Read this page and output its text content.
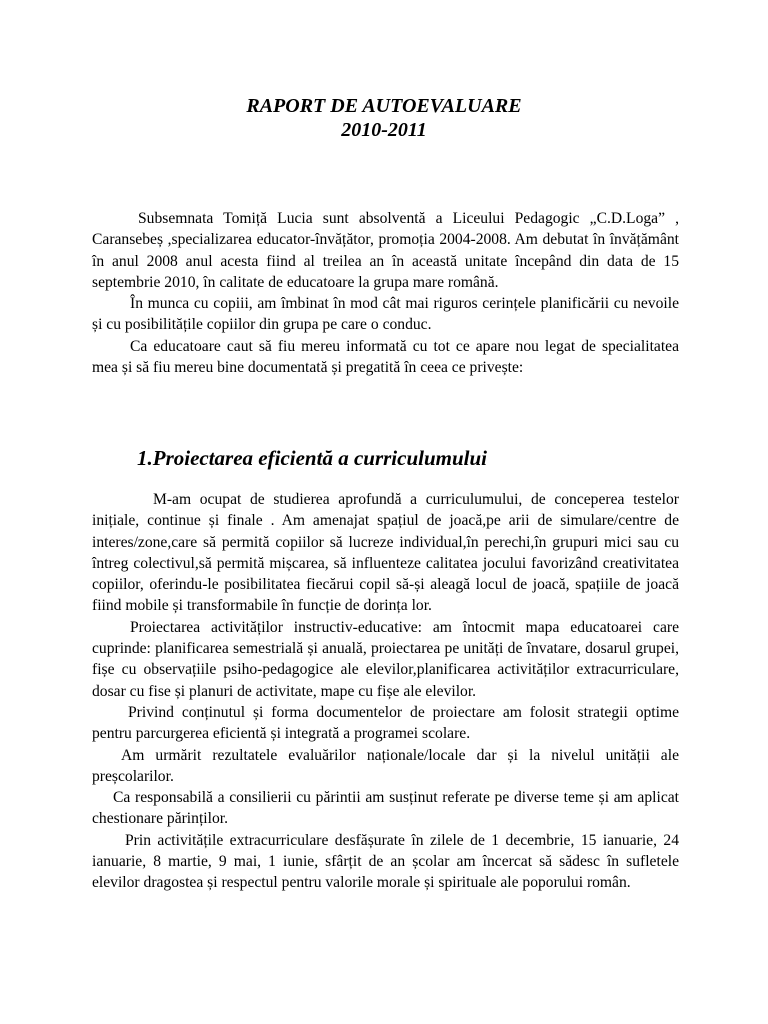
RAPORT DE AUTOEVALUARE
2010-2011

Subsemnata Tomiță Lucia sunt absolventă a Liceului Pedagogic „C.D.Loga” , Caransebeș ,specializarea educator-învățător, promoția 2004-2008. Am debutat în învățământ în anul 2008 anul acesta fiind al treilea an în această unitate începând din data de 15 septembrie 2010, în calitate de educatoare la grupa mare română.

În munca cu copiii, am îmbinat în mod cât mai riguros cerințele planificării cu nevoile și cu posibilitățile copiilor din grupa pe care o conduc.

Ca educatoare caut să fiu mereu informată cu tot ce apare nou legat de specialitatea mea și să fiu mereu bine documentată și pregatită în ceea ce privește:

1.Proiectarea eficientă a curriculumului

M-am ocupat de studierea aprofundă a curriculumului, de conceperea testelor inițiale, continue și finale . Am amenajat spațiul de joacă,pe arii de simulare/centre de interes/zone,care să permită copiilor să lucreze individual,în perechi,în grupuri mici sau cu întreg colectivul,să permită mișcarea, să influenteze calitatea jocului favorizând creativitatea copiilor, oferindu-le posibilitatea fiecărui copil să-și aleagă locul de joacă, spațiile de joacă fiind mobile și transformabile în funcție de dorința lor.

Proiectarea activităților instructiv-educative: am întocmit mapa educatoarei care cuprinde: planificarea semestrială și anuală, proiectarea pe unități de învatare, dosarul grupei, fișe cu observațiile psiho-pedagogice ale elevilor,planificarea activităților extracurriculare, dosar cu fise și planuri de activitate, mape cu fișe ale elevilor.

Privind conținutul și forma documentelor de proiectare am folosit strategii optime pentru parcurgerea eficientă și integrată a programei scolare.

Am urmărit rezultatele evaluărilor naționale/locale dar și la nivelul unității ale preșcolarilor.

Ca responsabilă a consilierii cu părintii am susținut referate pe diverse teme și am aplicat chestionare părinților.

Prin activitățile extracurriculare desfășurate în zilele de 1 decembrie, 15 ianuarie, 24 ianuarie, 8 martie, 9 mai, 1 iunie, sfârțit de an școlar am încercat să sădesc în sufletele elevilor dragostea și respectul pentru valorile morale și spirituale ale poporului român.
